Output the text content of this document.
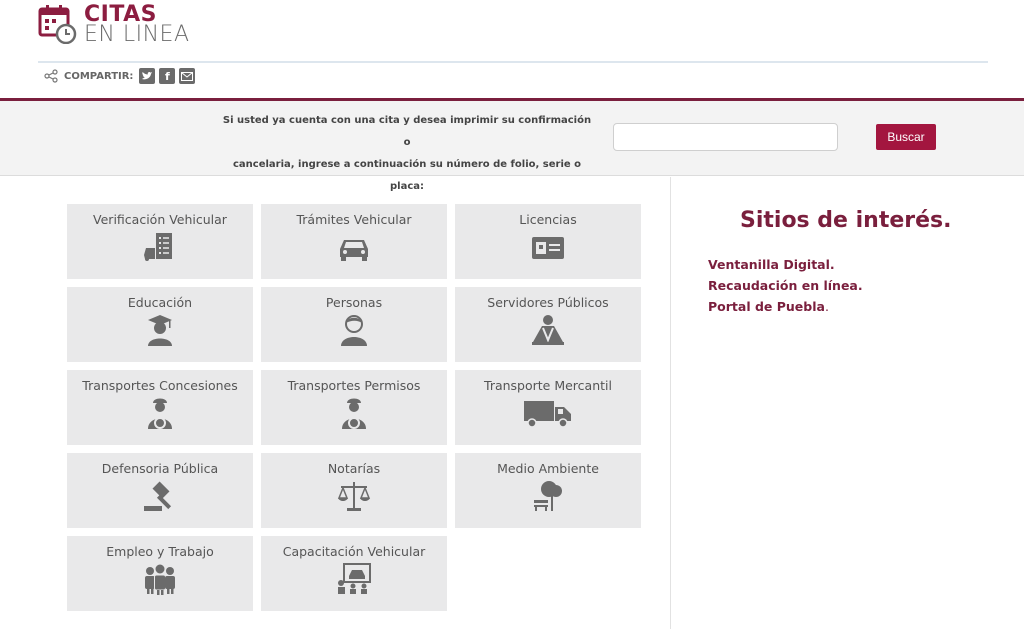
CITAS
EN LINEA
COMPARTIR:	f
Si usted ya cuenta con una cita y desea imprimir su confirmación o
cancelaria, ingrese a continuación su número de folio, serie o placa:
Buscar
Verificación Vehicular	Trámites Vehicular	Licencias
Educación	Personas	Servidores Públicos
Transportes Concesiones	Transportes Permisos	Transporte Mercantil
Defensoria Pública	Notarías	Medio Ambiente
Empleo y Trabajo	Capacitación Vehicular
Sitios de interés.
Ventanilla Digital.
Recaudación en línea.
Portal de Puebla.
